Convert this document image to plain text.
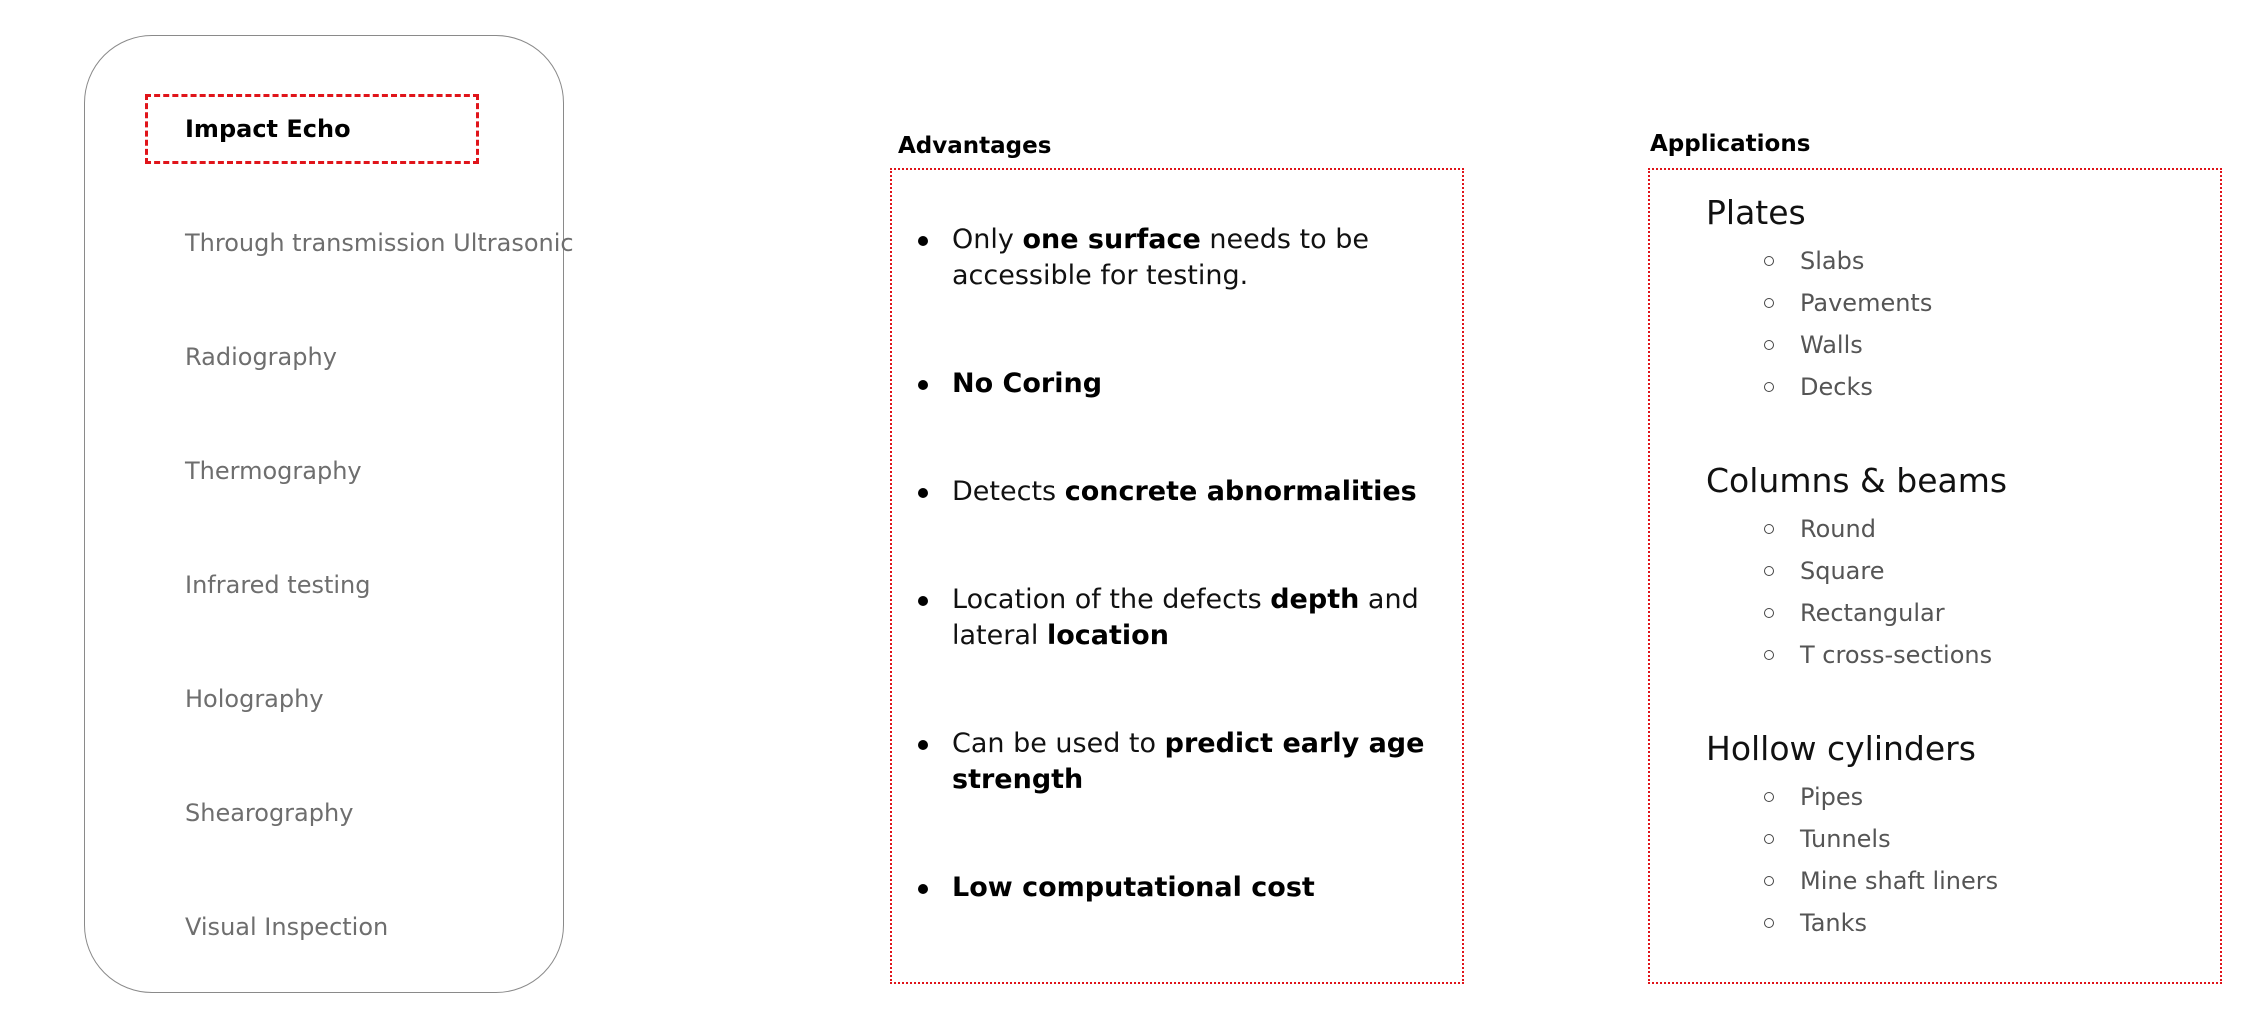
Impact Echo
Through transmission Ultrasonic
Radiography
Thermography
Infrared testing
Holography
Shearography
Visual Inspection
Advantages
Only one surface needs to be accessible for testing.
No Coring
Detects concrete abnormalities
Location of the defects depth and lateral location
Can be used to predict early age strength
Low computational cost
Applications
Plates
Slabs
Pavements
Walls
Decks
Columns & beams
Round
Square
Rectangular
T cross-sections
Hollow cylinders
Pipes
Tunnels
Mine shaft liners
Tanks
